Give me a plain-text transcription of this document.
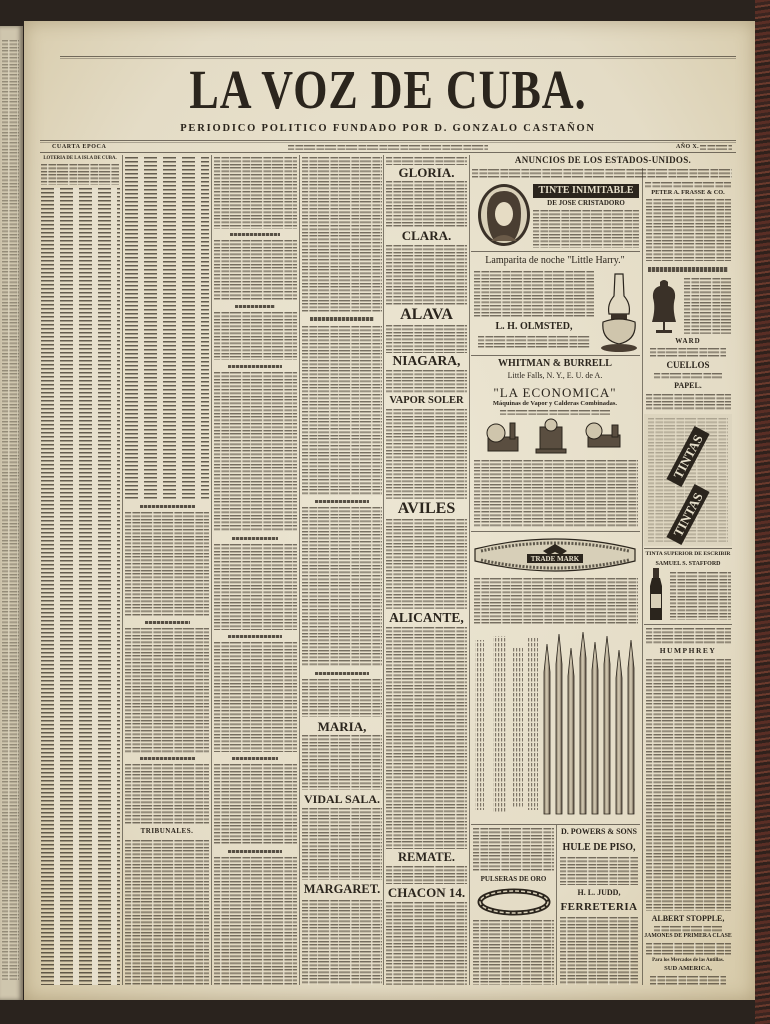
LA VOZ DE CUBA.
PERIODICO POLITICO FUNDADO POR D. GONZALO CASTAÑON
CUARTA EPOCA	AÑO X.
LOTERIA DE LA ISLA DE CUBA.
TRIBUNALES.
MARIA,
VIDAL SALA.
MARGARET.
GLORIA.
CLARA.
ALAVA
NIAGARA,
VAPOR SOLER
AVILES
ALICANTE,
REMATE.
CHACON 14.
ANUNCIOS DE LOS ESTADOS-UNIDOS.
TINTE INIMITABLE
DE JOSE CRISTADORO
Lamparita de noche "Little Harry."
L. H. OLMSTED,
WHITMAN & BURRELL
Little Falls, N. Y., E. U. de A.
"LA ECONOMICA"
Máquinas de Vapor y Calderas Combinadas.
TRADE MARK
PULSERAS DE ORO
D. POWERS & SONS
HULE DE PISO,
H. L. JUDD,
FERRETERIA
PETER A. FRASSE & CO.
WARD
CUELLOS
PAPEL.
TINTAS
TINTAS
TINTA SUPERIOR DE ESCRIBIR
SAMUEL S. STAFFORD
HUMPHREY
ALBERT STOPPLE,
JAMONES DE PRIMERA CLASE
Para los Mercados de las Antillas.
SUD AMERICA,
